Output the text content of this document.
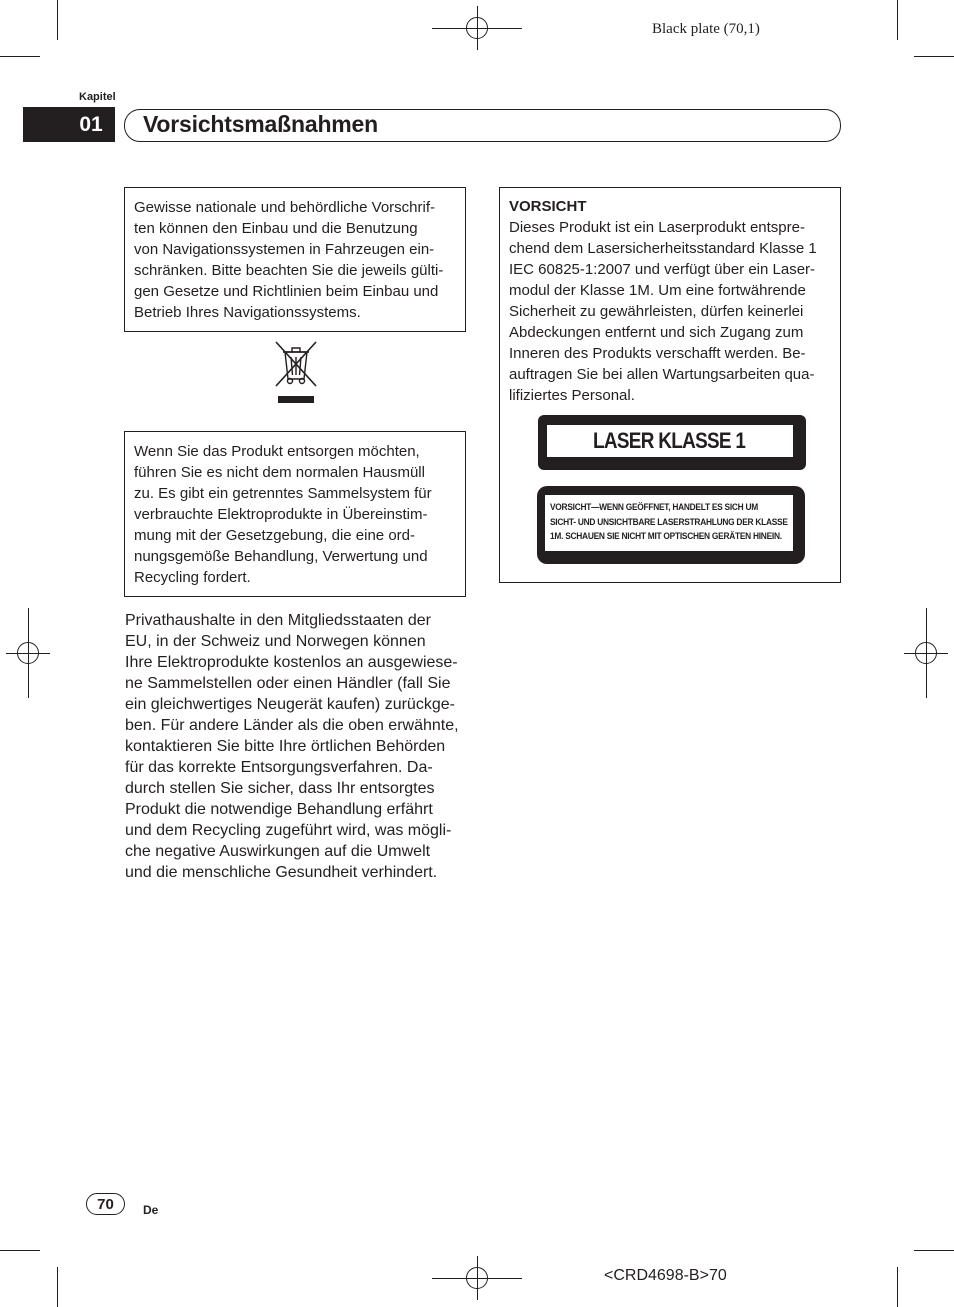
Black plate (70,1)
Kapitel
01 Vorsichtsmaßnahmen
Gewisse nationale und behördliche Vorschrif-
ten können den Einbau und die Benutzung
von Navigationssystemen in Fahrzeugen ein-
schränken. Bitte beachten Sie die jeweils gülti-
gen Gesetze und Richtlinien beim Einbau und
Betrieb Ihres Navigationssystems.
Wenn Sie das Produkt entsorgen möchten,
führen Sie es nicht dem normalen Hausmüll
zu. Es gibt ein getrenntes Sammelsystem für
verbrauchte Elektroprodukte in Übereinstim-
mung mit der Gesetzgebung, die eine ord-
nungsgemöße Behandlung, Verwertung und
Recycling fordert.
Privathaushalte in den Mitgliedsstaaten der
EU, in der Schweiz und Norwegen können
Ihre Elektroprodukte kostenlos an ausgewiese-
ne Sammelstellen oder einen Händler (fall Sie
ein gleichwertiges Neugerät kaufen) zurückge-
ben. Für andere Länder als die oben erwähnte,
kontaktieren Sie bitte Ihre örtlichen Behörden
für das korrekte Entsorgungsverfahren. Da-
durch stellen Sie sicher, dass Ihr entsorgtes
Produkt die notwendige Behandlung erfährt
und dem Recycling zugeführt wird, was mögli-
che negative Auswirkungen auf die Umwelt
und die menschliche Gesundheit verhindert.
VORSICHT
Dieses Produkt ist ein Laserprodukt entspre-
chend dem Lasersicherheitsstandard Klasse 1
IEC 60825-1:2007 und verfügt über ein Laser-
modul der Klasse 1M. Um eine fortwährende
Sicherheit zu gewährleisten, dürfen keinerlei
Abdeckungen entfernt und sich Zugang zum
Inneren des Produkts verschafft werden. Be-
auftragen Sie bei allen Wartungsarbeiten qua-
lifiziertes Personal.
LASER KLASSE 1
VORSICHT—WENN GEÖFFNET, HANDELT ES SICH UM
SICHT- UND UNSICHTBARE LASERSTRAHLUNG DER KLASSE
1M. SCHAUEN SIE NICHT MIT OPTISCHEN GERÄTEN HINEIN.
70 De
<CRD4698-B>70
